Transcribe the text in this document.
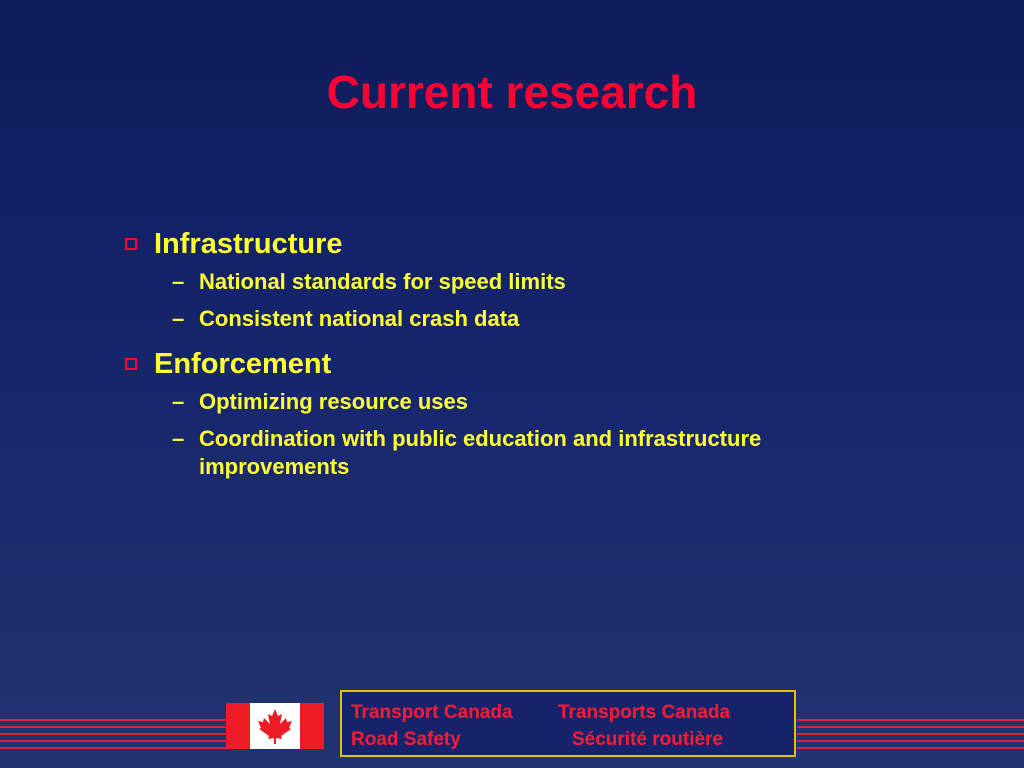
Current research
Infrastructure
– National standards for speed limits
– Consistent national crash data
Enforcement
– Optimizing resource uses
– Coordination with public education and infrastructure improvements
Transport Canada Transports Canada
Road Safety	Sécurité routière
